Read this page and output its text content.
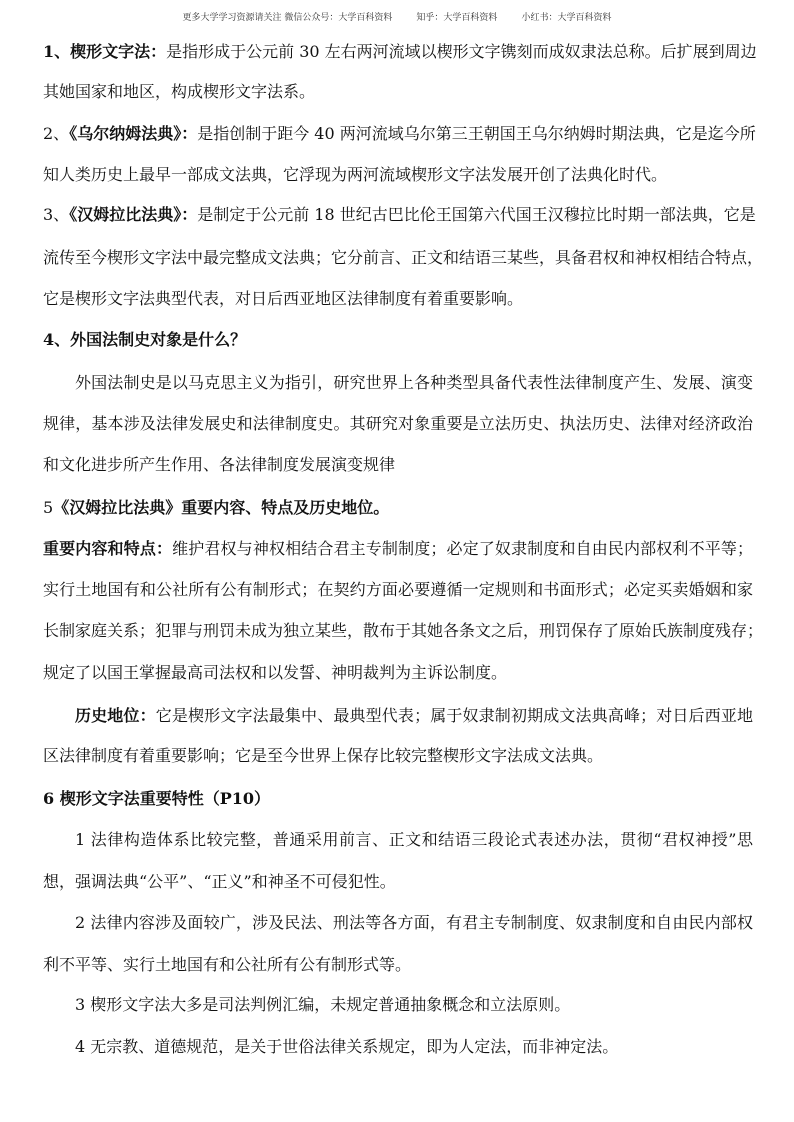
更多大学学习资源请关注 微信公众号：大学百科资料	知乎：大学百科资料	小红书：大学百科资料
1、楔形文字法：是指形成于公元前 30 左右两河流域以楔形文字镌刻而成奴隶法总称。后扩展到周边
其她国家和地区，构成楔形文字法系。
2、《乌尔纳姆法典》：是指创制于距今 40 两河流域乌尔第三王朝国王乌尔纳姆时期法典，它是迄今所
知人类历史上最早一部成文法典，它浮现为两河流域楔形文字法发展开创了法典化时代。
3、《汉姆拉比法典》：是制定于公元前 18 世纪古巴比伦王国第六代国王汉穆拉比时期一部法典，它是
流传至今楔形文字法中最完整成文法典；它分前言、正文和结语三某些，具备君权和神权相结合特点，
它是楔形文字法典型代表，对日后西亚地区法律制度有着重要影响。
4、外国法制史对象是什么？
外国法制史是以马克思主义为指引，研究世界上各种类型具备代表性法律制度产生、发展、演变
规律，基本涉及法律发展史和法律制度史。其研究对象重要是立法历史、执法历史、法律对经济政治
和文化进步所产生作用、各法律制度发展演变规律
5《汉姆拉比法典》重要内容、特点及历史地位。
重要内容和特点：维护君权与神权相结合君主专制制度；必定了奴隶制度和自由民内部权利不平等；
实行土地国有和公社所有公有制形式；在契约方面必要遵循一定规则和书面形式；必定买卖婚姻和家
长制家庭关系；犯罪与刑罚未成为独立某些，散布于其她各条文之后，刑罚保存了原始氏族制度残存；
规定了以国王掌握最高司法权和以发誓、神明裁判为主诉讼制度。
历史地位：它是楔形文字法最集中、最典型代表；属于奴隶制初期成文法典高峰；对日后西亚地
区法律制度有着重要影响；它是至今世界上保存比较完整楔形文字法成文法典。
6 楔形文字法重要特性（P10）
1 法律构造体系比较完整，普通采用前言、正文和结语三段论式表述办法，贯彻“君权神授”思
想，强调法典“公平”、“正义”和神圣不可侵犯性。
2 法律内容涉及面较广，涉及民法、刑法等各方面，有君主专制制度、奴隶制度和自由民内部权
利不平等、实行土地国有和公社所有公有制形式等。
3 楔形文字法大多是司法判例汇编，未规定普通抽象概念和立法原则。
4 无宗教、道德规范，是关于世俗法律关系规定，即为人定法，而非神定法。
